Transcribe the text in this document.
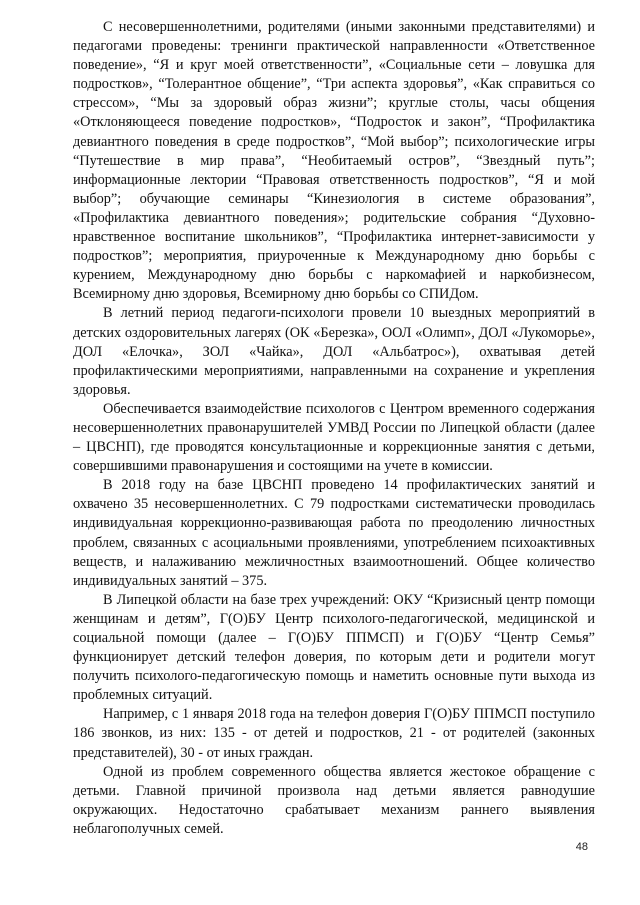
С несовершеннолетними, родителями (иными законными представителями) и педагогами проведены: тренинги практической направленности «Ответственное поведение», “Я и круг моей ответственности”, «Социальные сети – ловушка для подростков», “Толерантное общение”, “Три аспекта здоровья”, «Как справиться со стрессом», “Мы за здоровый образ жизни”; круглые столы, часы общения «Отклоняющееся поведение подростков», “Подросток и закон”, “Профилактика девиантного поведения в среде подростков”, “Мой выбор”; психологические игры “Путешествие в мир права”, “Необитаемый остров”, “Звездный путь”; информационные лектории “Правовая ответственность подростков”, “Я и мой выбор”; обучающие семинары “Кинезиология в системе образования”, «Профилактика девиантного поведения»; родительские собрания “Духовно-нравственное воспитание школьников”, “Профилактика интернет-зависимости у подростков”; мероприятия, приуроченные к Международному дню борьбы с курением, Международному дню борьбы с наркомафией и наркобизнесом, Всемирному дню здоровья, Всемирному дню борьбы со СПИДом.

В летний период педагоги-психологи провели 10 выездных мероприятий в детских оздоровительных лагерях (ОК «Березка», ООЛ «Олимп», ДОЛ «Лукоморье», ДОЛ «Елочка», ЗОЛ «Чайка», ДОЛ «Альбатрос»), охватывая детей профилактическими мероприятиями, направленными на сохранение и укрепления здоровья.

Обеспечивается взаимодействие психологов с Центром временного содержания несовершеннолетних правонарушителей УМВД России по Липецкой области (далее – ЦВСНП), где проводятся консультационные и коррекционные занятия с детьми, совершившими правонарушения и состоящими на учете в комиссии.

В 2018 году на базе ЦВСНП проведено 14 профилактических занятий и охвачено 35 несовершеннолетних. С 79 подростками систематически проводилась индивидуальная коррекционно-развивающая работа по преодолению личностных проблем, связанных с асоциальными проявлениями, употреблением психоактивных веществ, и налаживанию межличностных взаимоотношений. Общее количество индивидуальных занятий – 375.

В Липецкой области на базе трех учреждений: ОКУ “Кризисный центр помощи женщинам и детям”, Г(О)БУ Центр психолого-педагогической, медицинской и социальной помощи (далее – Г(О)БУ ППМСП) и Г(О)БУ “Центр Семья” функционирует детский телефон доверия, по которым дети и родители могут получить психолого-педагогическую помощь и наметить основные пути выхода из проблемных ситуаций.

Например, с 1 января 2018 года на телефон доверия Г(О)БУ ППМСП поступило 186 звонков, из них: 135 - от детей и подростков, 21 - от родителей (законных представителей), 30 - от иных граждан.

Одной из проблем современного общества является жестокое обращение с детьми. Главной причиной произвола над детьми является равнодушие окружающих. Недостаточно срабатывает механизм раннего выявления неблагополучных семей.

48
